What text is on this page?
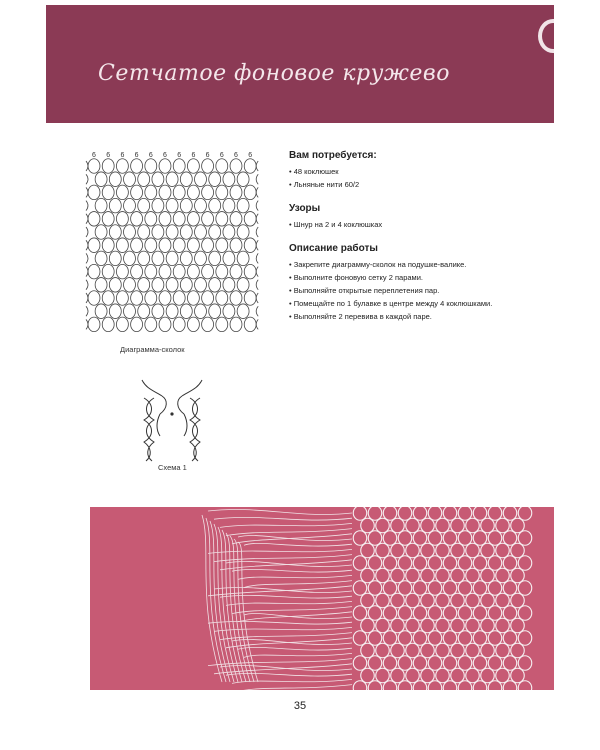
Сетчатое фоновое кружево
6 6 6 6 6 6 6 6 6 6 6 6
Диаграмма-сколок
Схема 1
Вам потребуется:
• 48 коклюшек
• Льняные нити 60/2
Узоры
• Шнур на 2 и 4 коклюшках
Описание работы
• Закрепите диаграмму-сколок на подушке-валике.
• Выполните фоновую сетку 2 парами.
• Выполняйте открытые переплетения пар.
• Помещайте по 1 булавке в центре между 4 коклюшками.
• Выполняйте 2 перевива в каждой паре.
35
